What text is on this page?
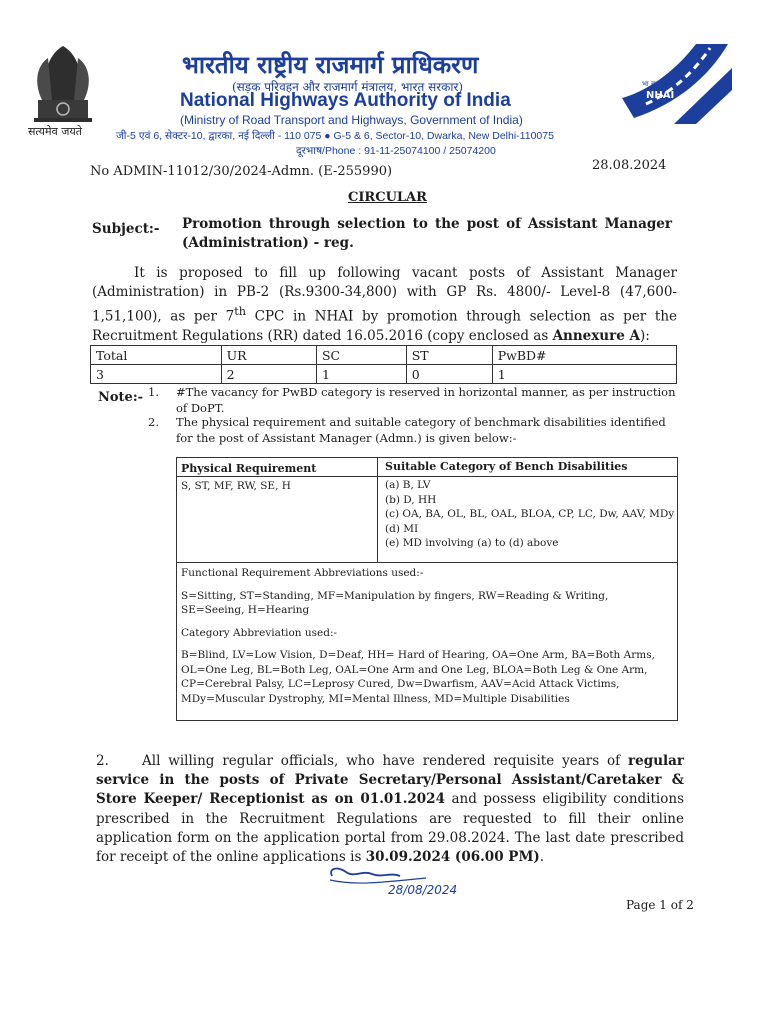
सत्यमेव जयते
भारतीय राष्ट्रीय राजमार्ग प्राधिकरण
(सड़क परिवहन और राजमार्ग मंत्रालय, भारत सरकार)
National Highways Authority of India
(Ministry of Road Transport and Highways, Government of India)
जी-5 एवं 6, सेक्टर-10, द्वारका, नई दिल्ली - 110 075 ● G-5 & 6, Sector-10, Dwarka, New Delhi-110075
दूरभाष/Phone : 91-11-25074100 / 25074200
भा रा रा प्रा
NHAI
No ADMIN-11012/30/2024-Admn. (E-255990)	28.08.2024
CIRCULAR
Subject:- Promotion through selection to the post of Assistant Manager (Administration) - reg.
It is proposed to fill up following vacant posts of Assistant Manager (Administration) in PB-2 (Rs.9300-34,800) with GP Rs. 4800/- Level-8 (47,600-1,51,100), as per 7th CPC in NHAI by promotion through selection as per the Recruitment Regulations (RR) dated 16.05.2016 (copy enclosed as Annexure A):
Total	UR	SC	ST	PwBD#
3	2	1	0	1
Note:- 1. #The vacancy for PwBD category is reserved in horizontal manner, as per instruction of DoPT.
2. The physical requirement and suitable category of benchmark disabilities identified for the post of Assistant Manager (Admn.) is given below:-
Physical Requirement	Suitable Category of Bench Disabilities
S, ST, MF, RW, SE, H	(a) B, LV
(b) D, HH
(c) OA, BA, OL, BL, OAL, BLOA, CP, LC, Dw, AAV, MDy
(d) MI
(e) MD involving (a) to (d) above

Functional Requirement Abbreviations used:-

S=Sitting, ST=Standing, MF=Manipulation by fingers, RW=Reading & Writing, SE=Seeing, H=Hearing

Category Abbreviation used:-

B=Blind, LV=Low Vision, D=Deaf, HH= Hard of Hearing, OA=One Arm, BA=Both Arms, OL=One Leg, BL=Both Leg, OAL=One Arm and One Leg, BLOA=Both Leg & One Arm, CP=Cerebral Palsy, LC=Leprosy Cured, Dw=Dwarfism, AAV=Acid Attack Victims, MDy=Muscular Dystrophy, MI=Mental Illness, MD=Multiple Disabilities

2. All willing regular officials, who have rendered requisite years of regular service in the posts of Private Secretary/Personal Assistant/Caretaker & Store Keeper/ Receptionist as on 01.01.2024 and possess eligibility conditions prescribed in the Recruitment Regulations are requested to fill their online application form on the application portal from 29.08.2024. The last date prescribed for receipt of the online applications is 30.09.2024 (06.00 PM).
28/08/2024
Page 1 of 2
